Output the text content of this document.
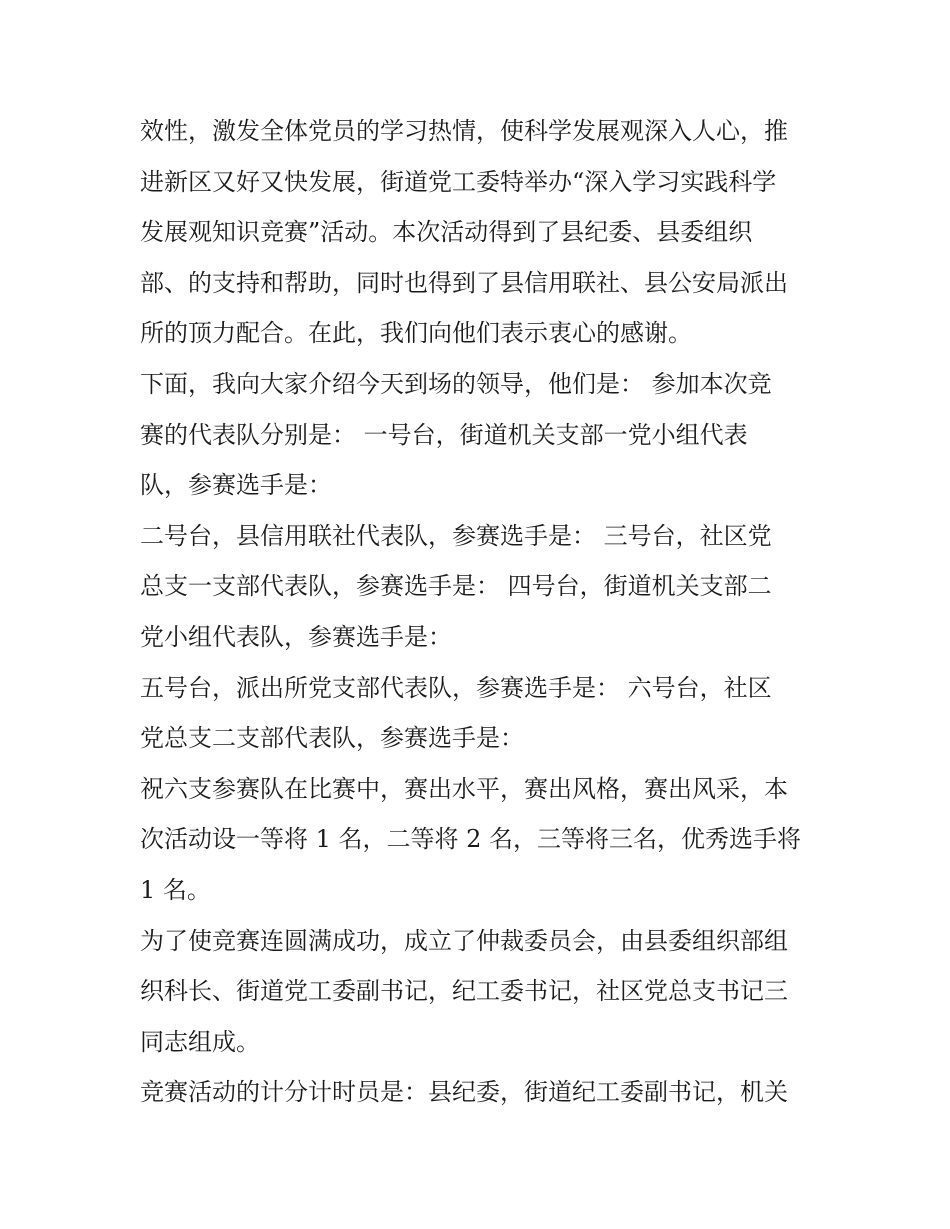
效性，激发全体党员的学习热情，使科学发展观深入人心，推
进新区又好又快发展，街道党工委特举办“深入学习实践科学
发展观知识竞赛”活动。本次活动得到了县纪委、县委组织
部、的支持和帮助，同时也得到了县信用联社、县公安局派出
所的顶力配合。在此，我们向他们表示衷心的感谢。
下面，我向大家介绍今天到场的领导，他们是： 参加本次竞
赛的代表队分别是： 一号台，街道机关支部一党小组代表
队，参赛选手是：
二号台，县信用联社代表队，参赛选手是： 三号台，社区党
总支一支部代表队，参赛选手是： 四号台，街道机关支部二
党小组代表队，参赛选手是：
五号台，派出所党支部代表队，参赛选手是： 六号台，社区
党总支二支部代表队，参赛选手是：
祝六支参赛队在比赛中，赛出水平，赛出风格，赛出风采，本
次活动设一等将 1 名，二等将 2 名，三等将三名，优秀选手将
1 名。
为了使竞赛连圆满成功，成立了仲裁委员会，由县委组织部组
织科长、街道党工委副书记，纪工委书记，社区党总支书记三
同志组成。
竞赛活动的计分计时员是：县纪委，街道纪工委副书记，机关
